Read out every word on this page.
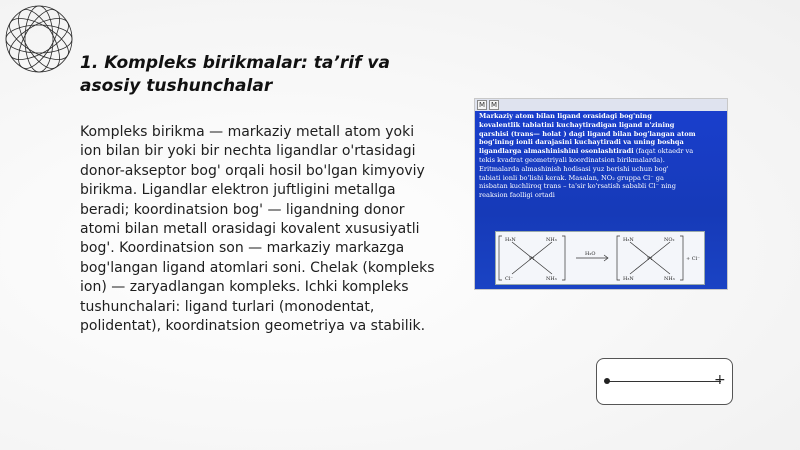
1. Kompleks birikmalar: ta’rif va asosiy tushunchalar

Kompleks birikma — markaziy metall atom yoki ion bilan bir yoki bir nechta ligandlar o'rtasidagi donor-akseptor bog' orqali hosil bo'lgan kimyoviy birikma. Ligandlar elektron juftligini metallga beradi; koordinatsion bog' — ligandning donor atomi bilan metall orasidagi kovalent xususiyatli bog'. Koordinatsion son — markaziy markazga bog'langan ligand atomlari soni. Chelak (kompleks ion) — zaryadlangan kompleks. Ichki kompleks tushunchalari: ligand turlari (monodentat, polidentat), koordinatsion geometriya va stabilik.

M M

Markaziy atom bilan ligand orasidagi bog'ning
kovalentlik tabiatini kuchaytiradigan ligand n'zining
qarshisi (trans— holat ) dagi ligand bilan bog'langan atom
bog'ining ionli darajasini kuchaytiradi va uning boshqa
ligandlarga almashinishini osonlashtiradi (faqat oktaedr va
tekis kvadrat geometriyali koordinatsion birikmalarda).
Eritmalarda almashinish hodisasi yuz berishi uchun bog'
tabiati ionli bo'lishi kerak. Masalan, NO₂ gruppa Cl⁻ ga
nisbatan kuchliroq trans – ta'sir ko'rsatish sababli Cl⁻ ning
reaksion faolligi ortadi

H₃N	NH₃
Cl⁻	NH₃
Pt
H₂O
H₃N	NO₂
H₃N	NH₃
Pt	+ Cl⁻
+
